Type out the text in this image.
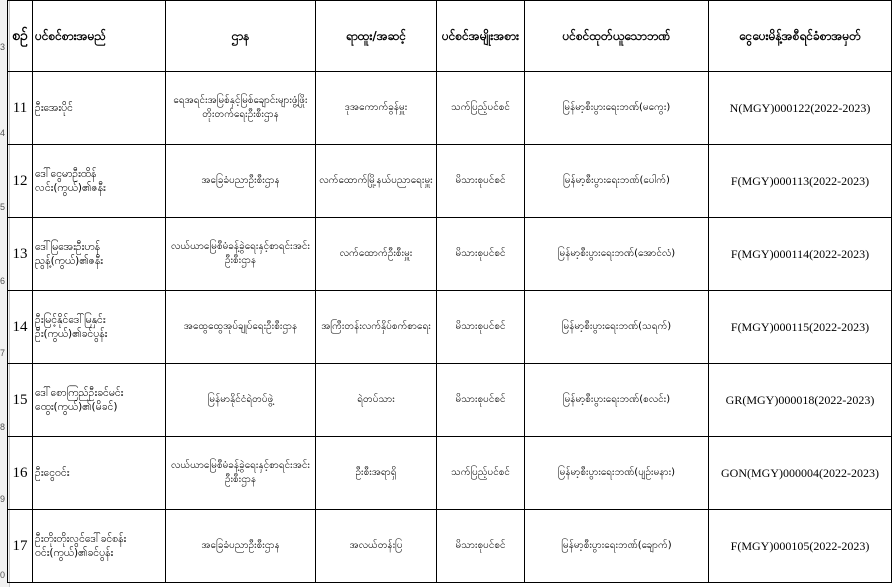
3
4
5
6
7
8
9
0
စဉ်	ပင်စင်စားအမည်	ဌာန	ရာထူး/အဆင့်	ပင်စင်အမျိုးအစား	ပင်စင်ထုတ်ယူသောဘဏ်	ငွေပေးမိန့်အစီရင်ခံစာအမှတ်
11	ဦးအေးပိုင်	ရေအရင်းအမြစ်နှင့်မြစ်ချောင်းများဖွံ့ဖြိုးတိုးတက်ရေးဦးစီးဌာန	ဒုအကောက်ခွန်မှူး	သက်ပြည့်ပင်စင်	မြန်မာ့စီးပွားရေးဘဏ်(မကွေး)	N(MGY)000122(2022-2023)
12	ဒေါ်ငွေမာဦးထိန်လင်း(ကွယ်)၏ဇနီး	အခြေခံပညာဦးစီးဌာန	လက်ထောက်မြို့နယ်ပညာရေးမှူး	မိသားစုပင်စင်	မြန်မာ့စီးပွားရေးဘဏ်(ပေါက်)	F(MGY)000113(2022-2023)
13	ဒေါ်မြအေးဦးဟန်ညွန့်(ကွယ်)၏ဇနီး	လယ်ယာမြေစီမံခန့်ခွဲရေးနှင့်စာရင်းအင်းဦးစီးဌာန	လက်ထောက်ဦးစီးမှူး	မိသားစုပင်စင်	မြန်မာ့စီးပွားရေးဘဏ်(အောင်လံ)	F(MGY)000114(2022-2023)
14	ဦးမြင့်နိုင်ဒေါ်မြနှင်းဦး(ကွယ်)၏ခင်ပွန်း	အထွေထွေအုပ်ချုပ်ရေးဦးစီးဌာန	အကြီးတန်းလက်နှိပ်စက်စာရေး	မိသားစုပင်စင်	မြန်မာ့စီးပွားရေးဘဏ်(သရက်)	F(MGY)000115(2022-2023)
15	ဒေါ်စောကြည်ဦးခင်မင်းထွေး(ကွယ်)၏(မိခင်)	မြန်မာနိုင်ငံရဲတပ်ဖွဲ့	ရဲတပ်သား	မိသားစုပင်စင်	မြန်မာ့စီးပွားရေးဘဏ်(စလင်း)	GR(MGY)000018(2022-2023)
16	ဦးငွေဝင်း	လယ်ယာမြေစီမံခန့်ခွဲရေးနှင့်စာရင်းအင်းဦးစီးဌာန	ဦးစီးအရာရှိ	သက်ပြည့်ပင်စင်	မြန်မာ့စီးပွားရေးဘဏ်(ပျဉ်းမနား)	GON(MGY)000004(2022-2023)
17	ဦးတိုးတိုးလွင်ဒေါ်ခင်စန်းဝင်း(ကွယ်)၏ခင်ပွန်း	အခြေခံပညာဦးစီးဌာန	အလယ်တန်းပြ	မိသားစုပင်စင်	မြန်မာ့စီးပွားရေးဘဏ်(ချောက်)	F(MGY)000105(2022-2023)
